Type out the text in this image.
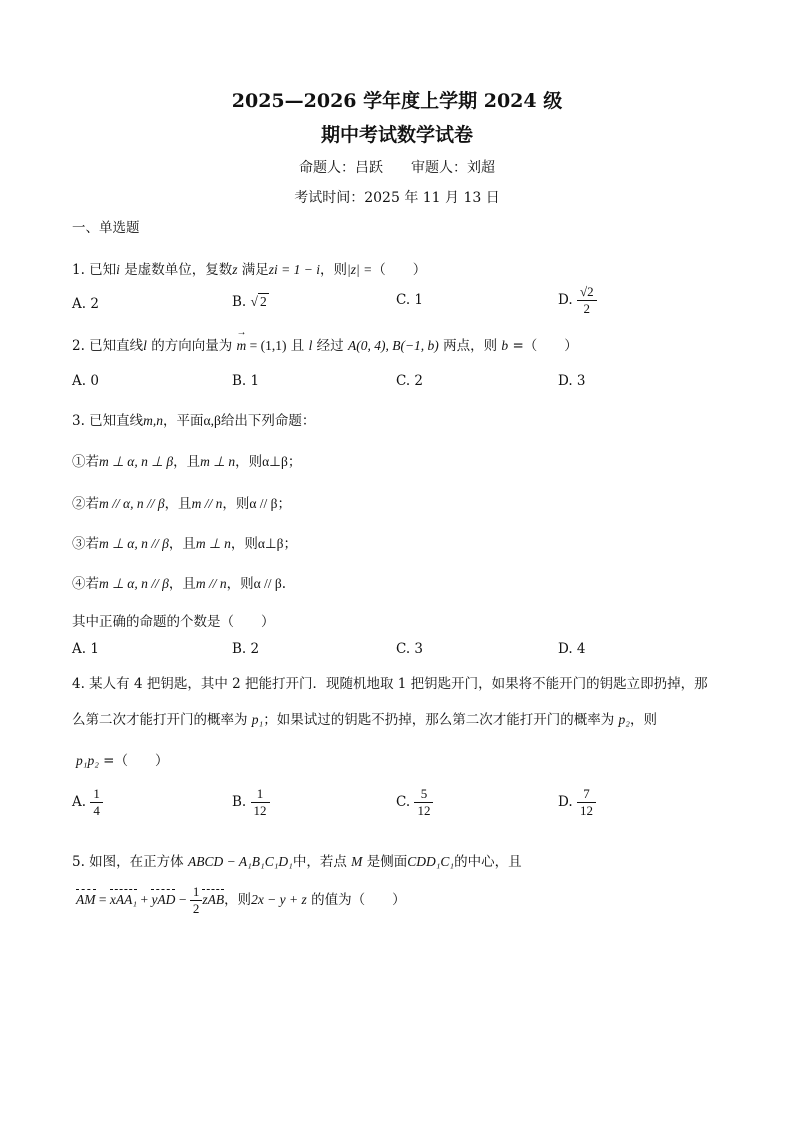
2025—2026 学年度上学期 2024 级
期中考试数学试卷
命题人：吕跃　　审题人：刘超
考试时间：2025 年 11 月 13 日
一、单选题
1. 已知i 是虚数单位，复数z 满足zi = 1 − i，则|z| =（　　）
A. 2	B. √ 2	C. 1	D. $\frac{√2}{2}$
2. 已知直线l 的方向向量为 → m = (1,1) 且 l 经过 A(0, 4), B(−1, b) 两点，则 b =（　　）
A. 0	B. 1	C. 2	D. 3
3. 已知直线m,n，平面α,β给出下列命题：
①若m ⊥ α, n ⊥ β，且m ⊥ n，则α⊥β；
②若m // α, n // β，且m // n，则α // β；
③若m ⊥ α, n // β，且m ⊥ n，则α⊥β；
④若m ⊥ α, n // β，且m // n，则α // β.
其中正确的命题的个数是（　　）
A. 1	B. 2	C. 3	D. 4
4. 某人有 4 把钥匙，其中 2 把能打开门．现随机地取 1 把钥匙开门，如果将不能开门的钥匙立即扔掉，那
么第二次才能打开门的概率为 p₁；如果试过的钥匙不扔掉，那么第二次才能打开门的概率为 p₂，则
p₁p₂ =（　　）
A. $\frac{1}{4}$	B. $\frac{1}{12}$	C. $\frac{5}{12}$	D. $\frac{7}{12}$
5. 如图，在正方体 ABCD − A₁B₁C₁D₁中，若点 M 是侧面CDD₁C₁的中心，且
AM = xAA₁ + yAD − $\frac{1}{2}$ zAB，则2x − y + z 的值为（　　）
